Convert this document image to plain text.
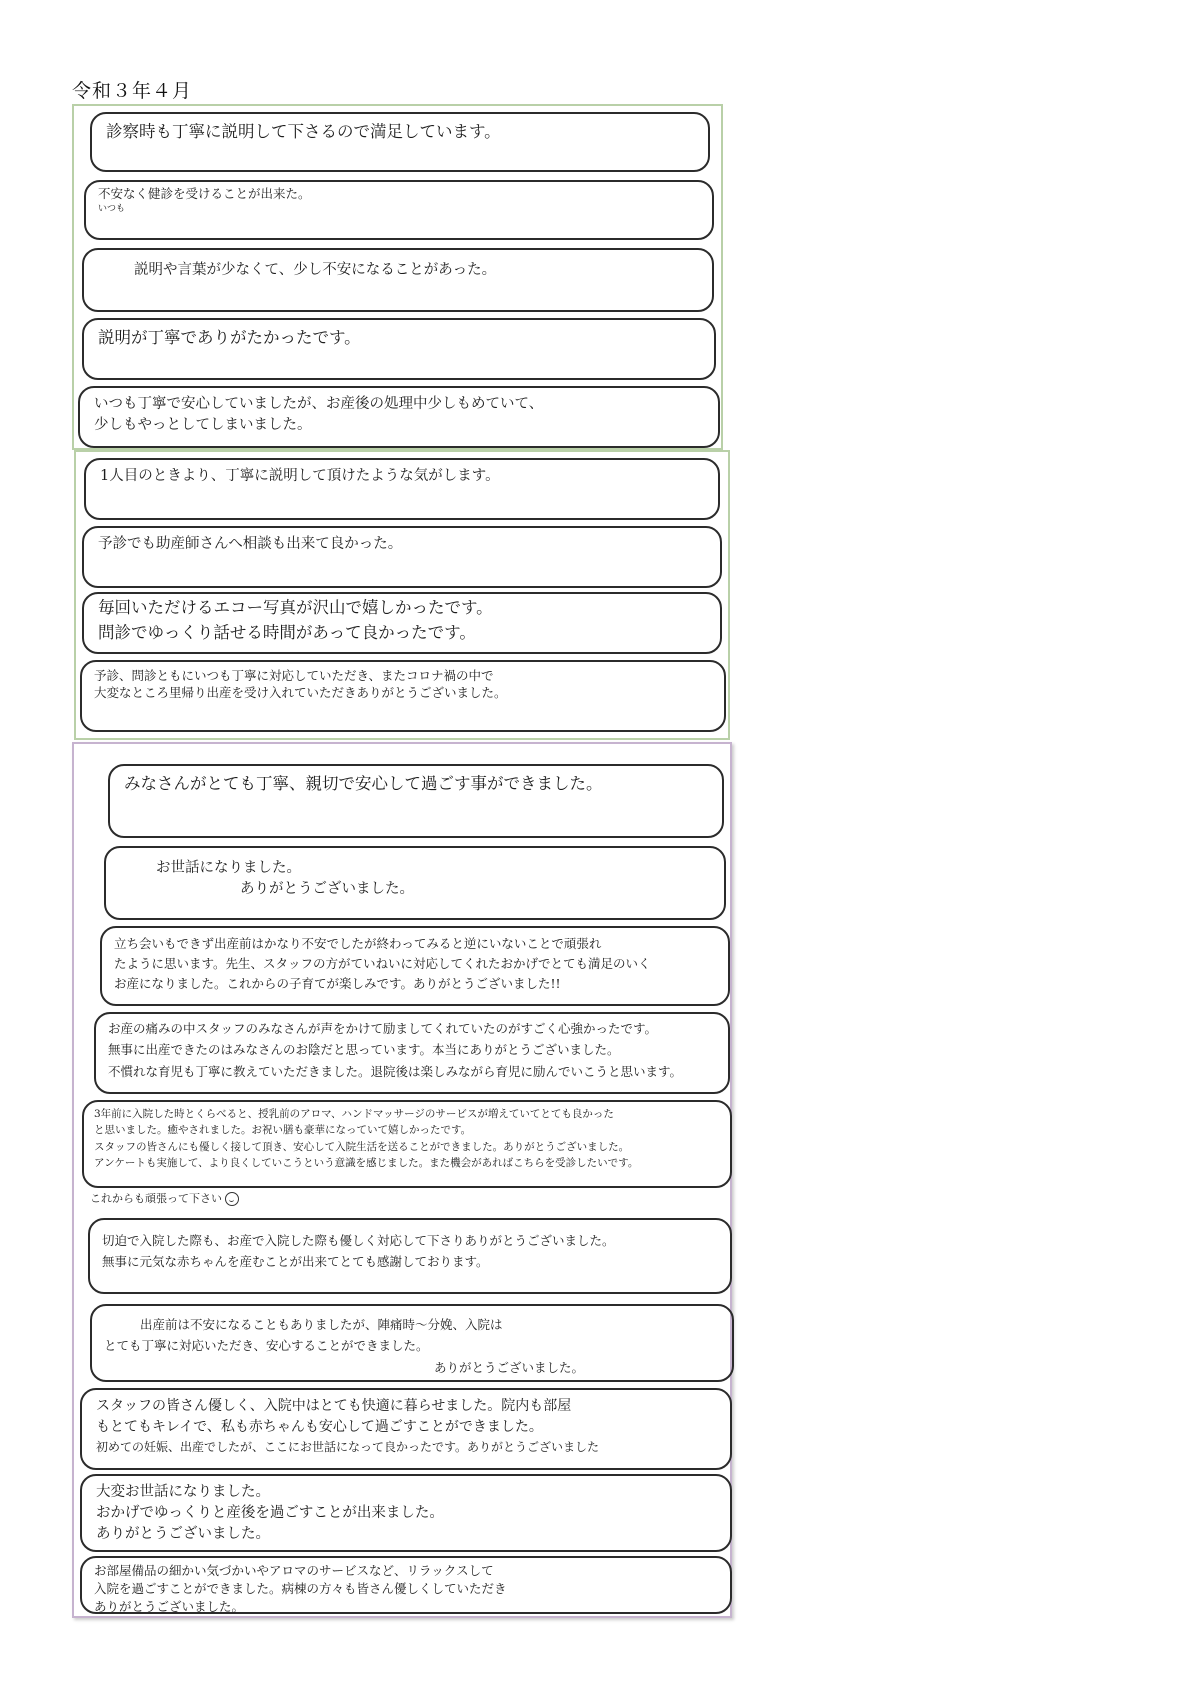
令和３年４月
診察時も丁寧に説明して下さるので満足しています。
不安なく健診を受けることが出来た。
いつも
説明や言葉が少なくて、少し不安になることがあった。
説明が丁寧でありがたかったです。
いつも丁寧で安心していましたが、お産後の処理中少しもめていて、
少しもやっとしてしまいました。
1人目のときより、丁寧に説明して頂けたような気がします。
予診でも助産師さんへ相談も出来て良かった。
毎回いただけるエコー写真が沢山で嬉しかったです。
問診でゆっくり話せる時間があって良かったです。
予診、問診ともにいつも丁寧に対応していただき、またコロナ禍の中で
大変なところ里帰り出産を受け入れていただきありがとうございました。
みなさんがとても丁寧、親切で安心して過ごす事ができました。
お世話になりました。
ありがとうございました。
立ち会いもできず出産前はかなり不安でしたが終わってみると逆にいないことで頑張れ
たように思います。先生、スタッフの方がていねいに対応してくれたおかげでとても満足のいく
お産になりました。これからの子育てが楽しみです。ありがとうございました!!
お産の痛みの中スタッフのみなさんが声をかけて励ましてくれていたのがすごく心強かったです。
無事に出産できたのはみなさんのお陰だと思っています。本当にありがとうございました。
不慣れな育児も丁寧に教えていただきました。退院後は楽しみながら育児に励んでいこうと思います。
3年前に入院した時とくらべると、授乳前のアロマ、ハンドマッサージのサービスが増えていてとても良かった
と思いました。癒やされました。お祝い膳も豪華になっていて嬉しかったです。
スタッフの皆さんにも優しく接して頂き、安心して入院生活を送ることができました。ありがとうございました。
アンケートも実施して、より良くしていこうという意識を感じました。また機会があればこちらを受診したいです。
これからも頑張って下さい
切迫で入院した際も、お産で入院した際も優しく対応して下さりありがとうございました。
無事に元気な赤ちゃんを産むことが出来てとても感謝しております。
出産前は不安になることもありましたが、陣痛時〜分娩、入院は
とても丁寧に対応いただき、安心することができました。
ありがとうございました。
スタッフの皆さん優しく、入院中はとても快適に暮らせました。院内も部屋
もとてもキレイで、私も赤ちゃんも安心して過ごすことができました。
初めての妊娠、出産でしたが、ここにお世話になって良かったです。ありがとうございました
大変お世話になりました。
おかげでゆっくりと産後を過ごすことが出来ました。
ありがとうございました。
お部屋備品の細かい気づかいやアロマのサービスなど、リラックスして
入院を過ごすことができました。病棟の方々も皆さん優しくしていただき
ありがとうございました。
